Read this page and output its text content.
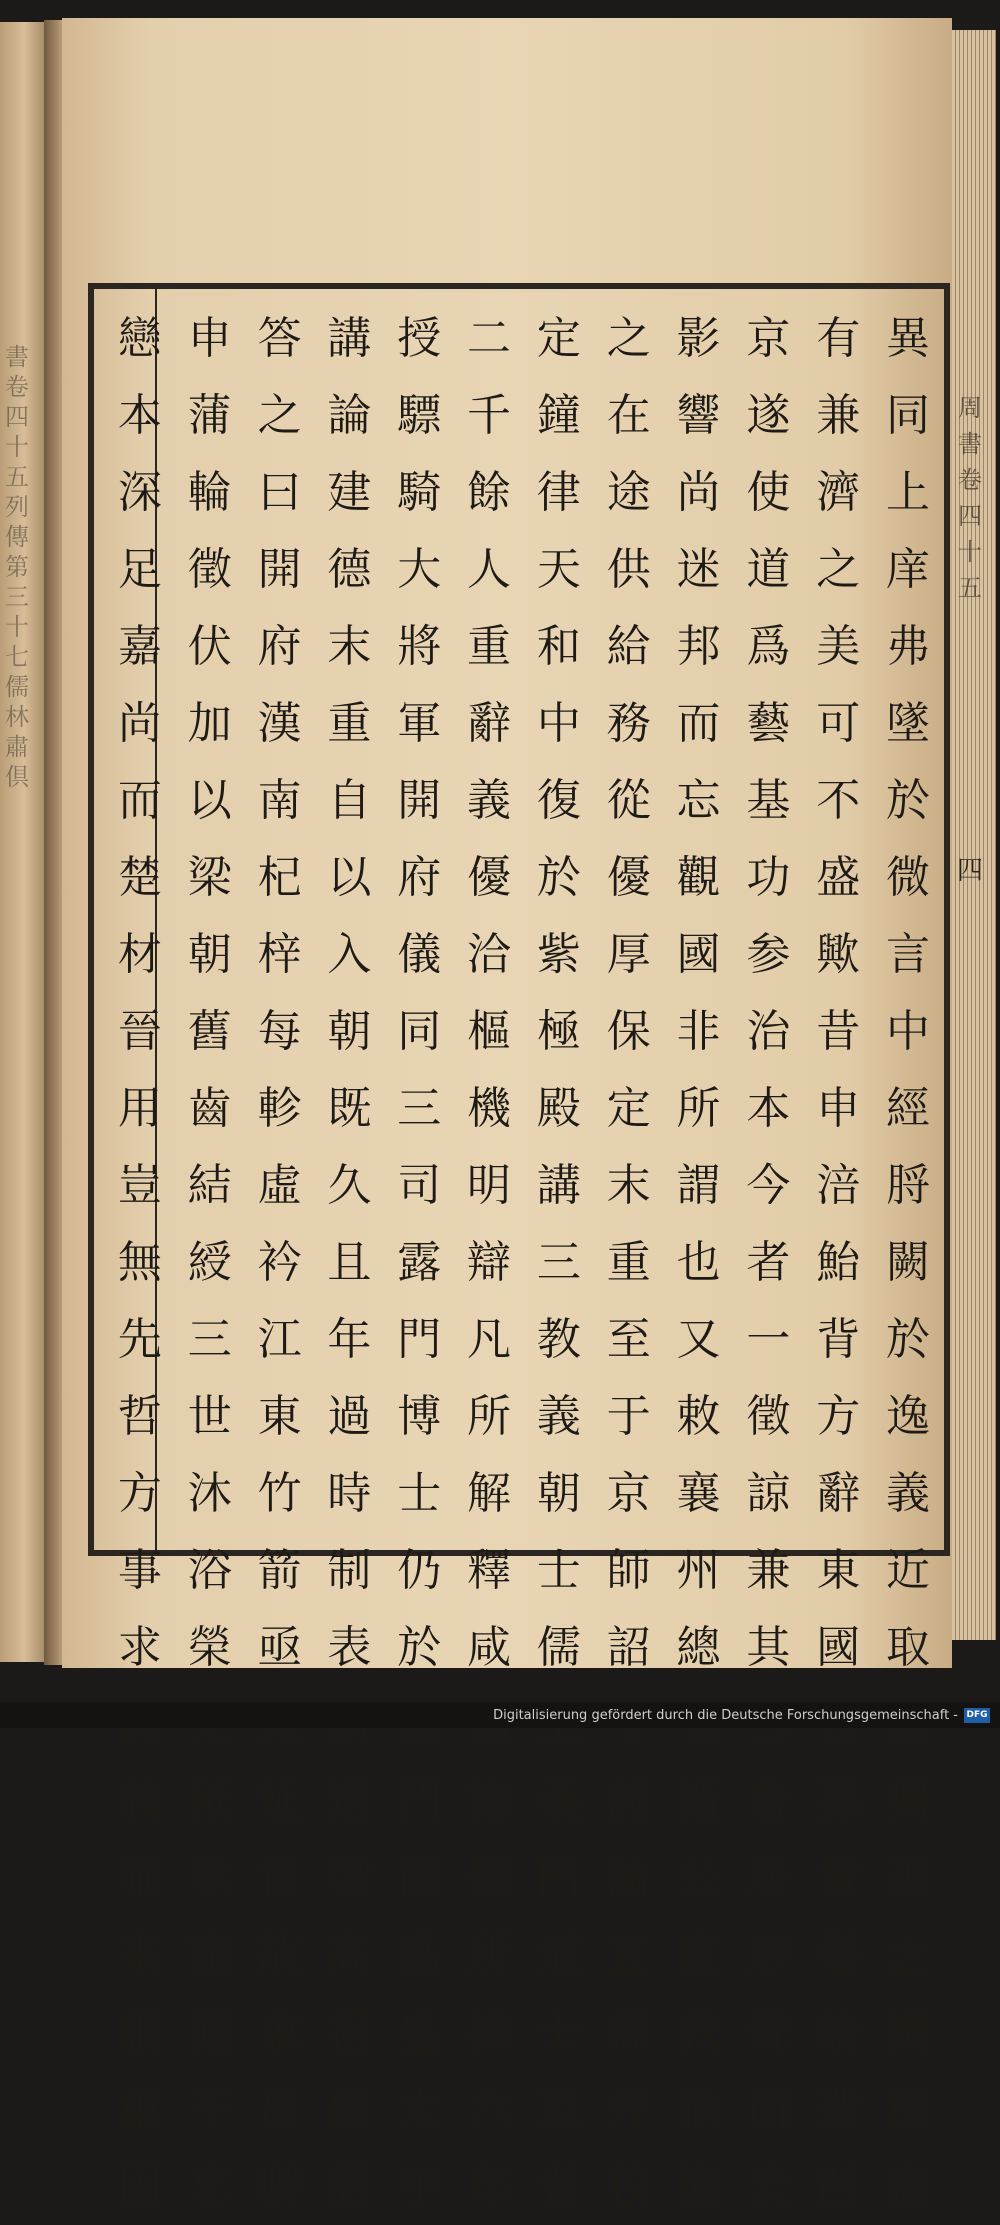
書
卷
四
十
五
列
傳
第
三
十
七
儒
林
肅
倶
異
同
上
庠
弗
墜
於
微
言
中
經
脟
闕
於
逸
義
近
取
獨
善
之
譏
遠
應
有
兼
濟
之
美
可
不
盛
歟
昔
申
涪
鮐
背
方
辭
東
國
孫
黃
髮
始
造
西
京
遂
使
道
爲
藝
基
功
参
治
本
今
者
一
徵
諒
兼
其
若
居
形
聲
而
去
影
響
尚
迷
邦
而
忘
觀
國
非
所
謂
也
又
敕
襄
州
總
衛
公
直
敦
諭
遣
之
在
途
供
給
務
從
優
厚
保
定
末
重
至
于
京
師
詔
討
論
五
經
幷
校
定
鐘
律
天
和
中
復
於
紫
極
殿
講
三
教
義
朝
士
儒
桑
門
道
士
至
者
二
千
餘
人
重
辭
義
優
洽
樞
機
明
辯
凡
所
解
釋
咸
諸
儒
所
推
六
年
授
驃
騎
大
將
軍
開
府
儀
同
三
司
露
門
博
士
仍
於
門
館
爲
皇
太
子
講
論
建
德
末
重
自
以
入
朝
既
久
且
年
過
時
制
表
還
梁
高
祖
優
詔
答
之
曰
開
府
漢
南
杞
梓
每
軫
虛
衿
江
東
竹
箭
亟
延
首
故
束
帛
聘
申
蒲
輪
徵
伏
加
以
梁
朝
舊
齒
結
綬
三
世
沐
浴
榮
秖
承
寵
渥
不
忘
戀
本
深
足
嘉
尚
而
楚
材
晉
用
豈
無
先
哲
方
事
求
義
乖
來
肅
重
固
周
書
卷
四
十
五
四
Digitalisierung gefördert durch die Deutsche Forschungsgemeinschaft - DFG
